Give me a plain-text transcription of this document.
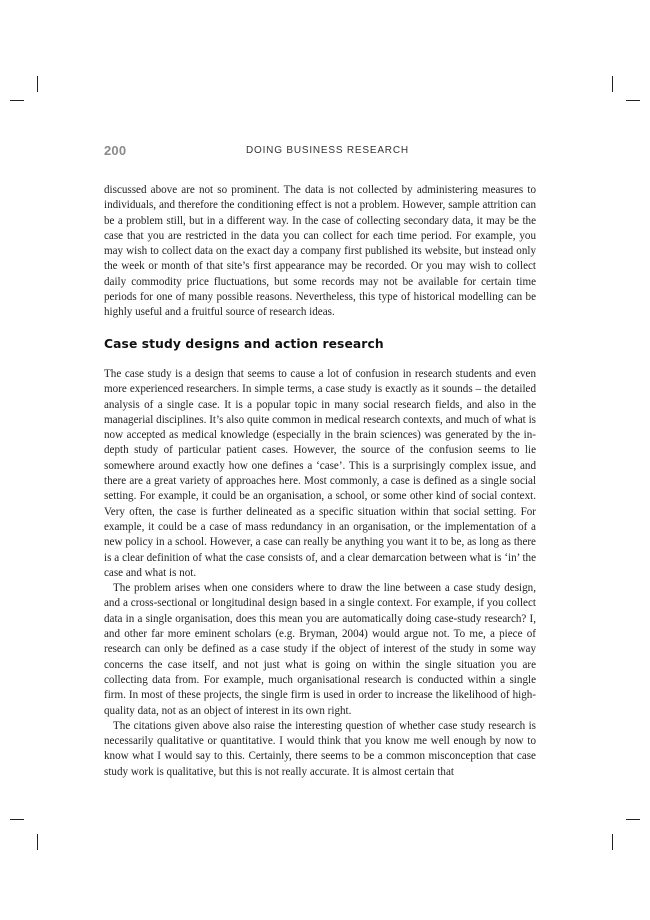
200	DOING BUSINESS RESEARCH

discussed above are not so prominent. The data is not collected by administering measures to individuals, and therefore the conditioning effect is not a problem. However, sample attrition can be a problem still, but in a different way. In the case of collecting secondary data, it may be the case that you are restricted in the data you can collect for each time period. For example, you may wish to collect data on the exact day a company first published its website, but instead only the week or month of that site’s first appearance may be recorded. Or you may wish to collect daily commodity price fluctuations, but some records may not be available for certain time periods for one of many possible reasons. Nevertheless, this type of historical modelling can be highly useful and a fruitful source of research ideas.

Case study designs and action research

The case study is a design that seems to cause a lot of confusion in research students and even more experienced researchers. In simple terms, a case study is exactly as it sounds – the detailed analysis of a single case. It is a popular topic in many social research fields, and also in the managerial disciplines. It’s also quite common in medical research contexts, and much of what is now accepted as medical knowledge (especially in the brain sciences) was generated by the in-depth study of particular patient cases. However, the source of the confusion seems to lie somewhere around exactly how one defines a ‘case’. This is a surprisingly complex issue, and there are a great variety of approaches here. Most commonly, a case is defined as a single social setting. For example, it could be an organisation, a school, or some other kind of social context. Very often, the case is further delineated as a specific situation within that social setting. For example, it could be a case of mass redundancy in an organisation, or the implementation of a new policy in a school. However, a case can really be anything you want it to be, as long as there is a clear definition of what the case consists of, and a clear demarcation between what is ‘in’ the case and what is not.

The problem arises when one considers where to draw the line between a case study design, and a cross-sectional or longitudinal design based in a single context. For example, if you collect data in a single organisation, does this mean you are automatically doing case-study research? I, and other far more eminent scholars (e.g. Bryman, 2004) would argue not. To me, a piece of research can only be defined as a case study if the object of interest of the study in some way concerns the case itself, and not just what is going on within the single situation you are collecting data from. For example, much organisational research is conducted within a single firm. In most of these projects, the single firm is used in order to increase the likelihood of high-quality data, not as an object of interest in its own right.

The citations given above also raise the interesting question of whether case study research is necessarily qualitative or quantitative. I would think that you know me well enough by now to know what I would say to this. Certainly, there seems to be a common misconception that case study work is qualitative, but this is not really accurate. It is almost certain that
